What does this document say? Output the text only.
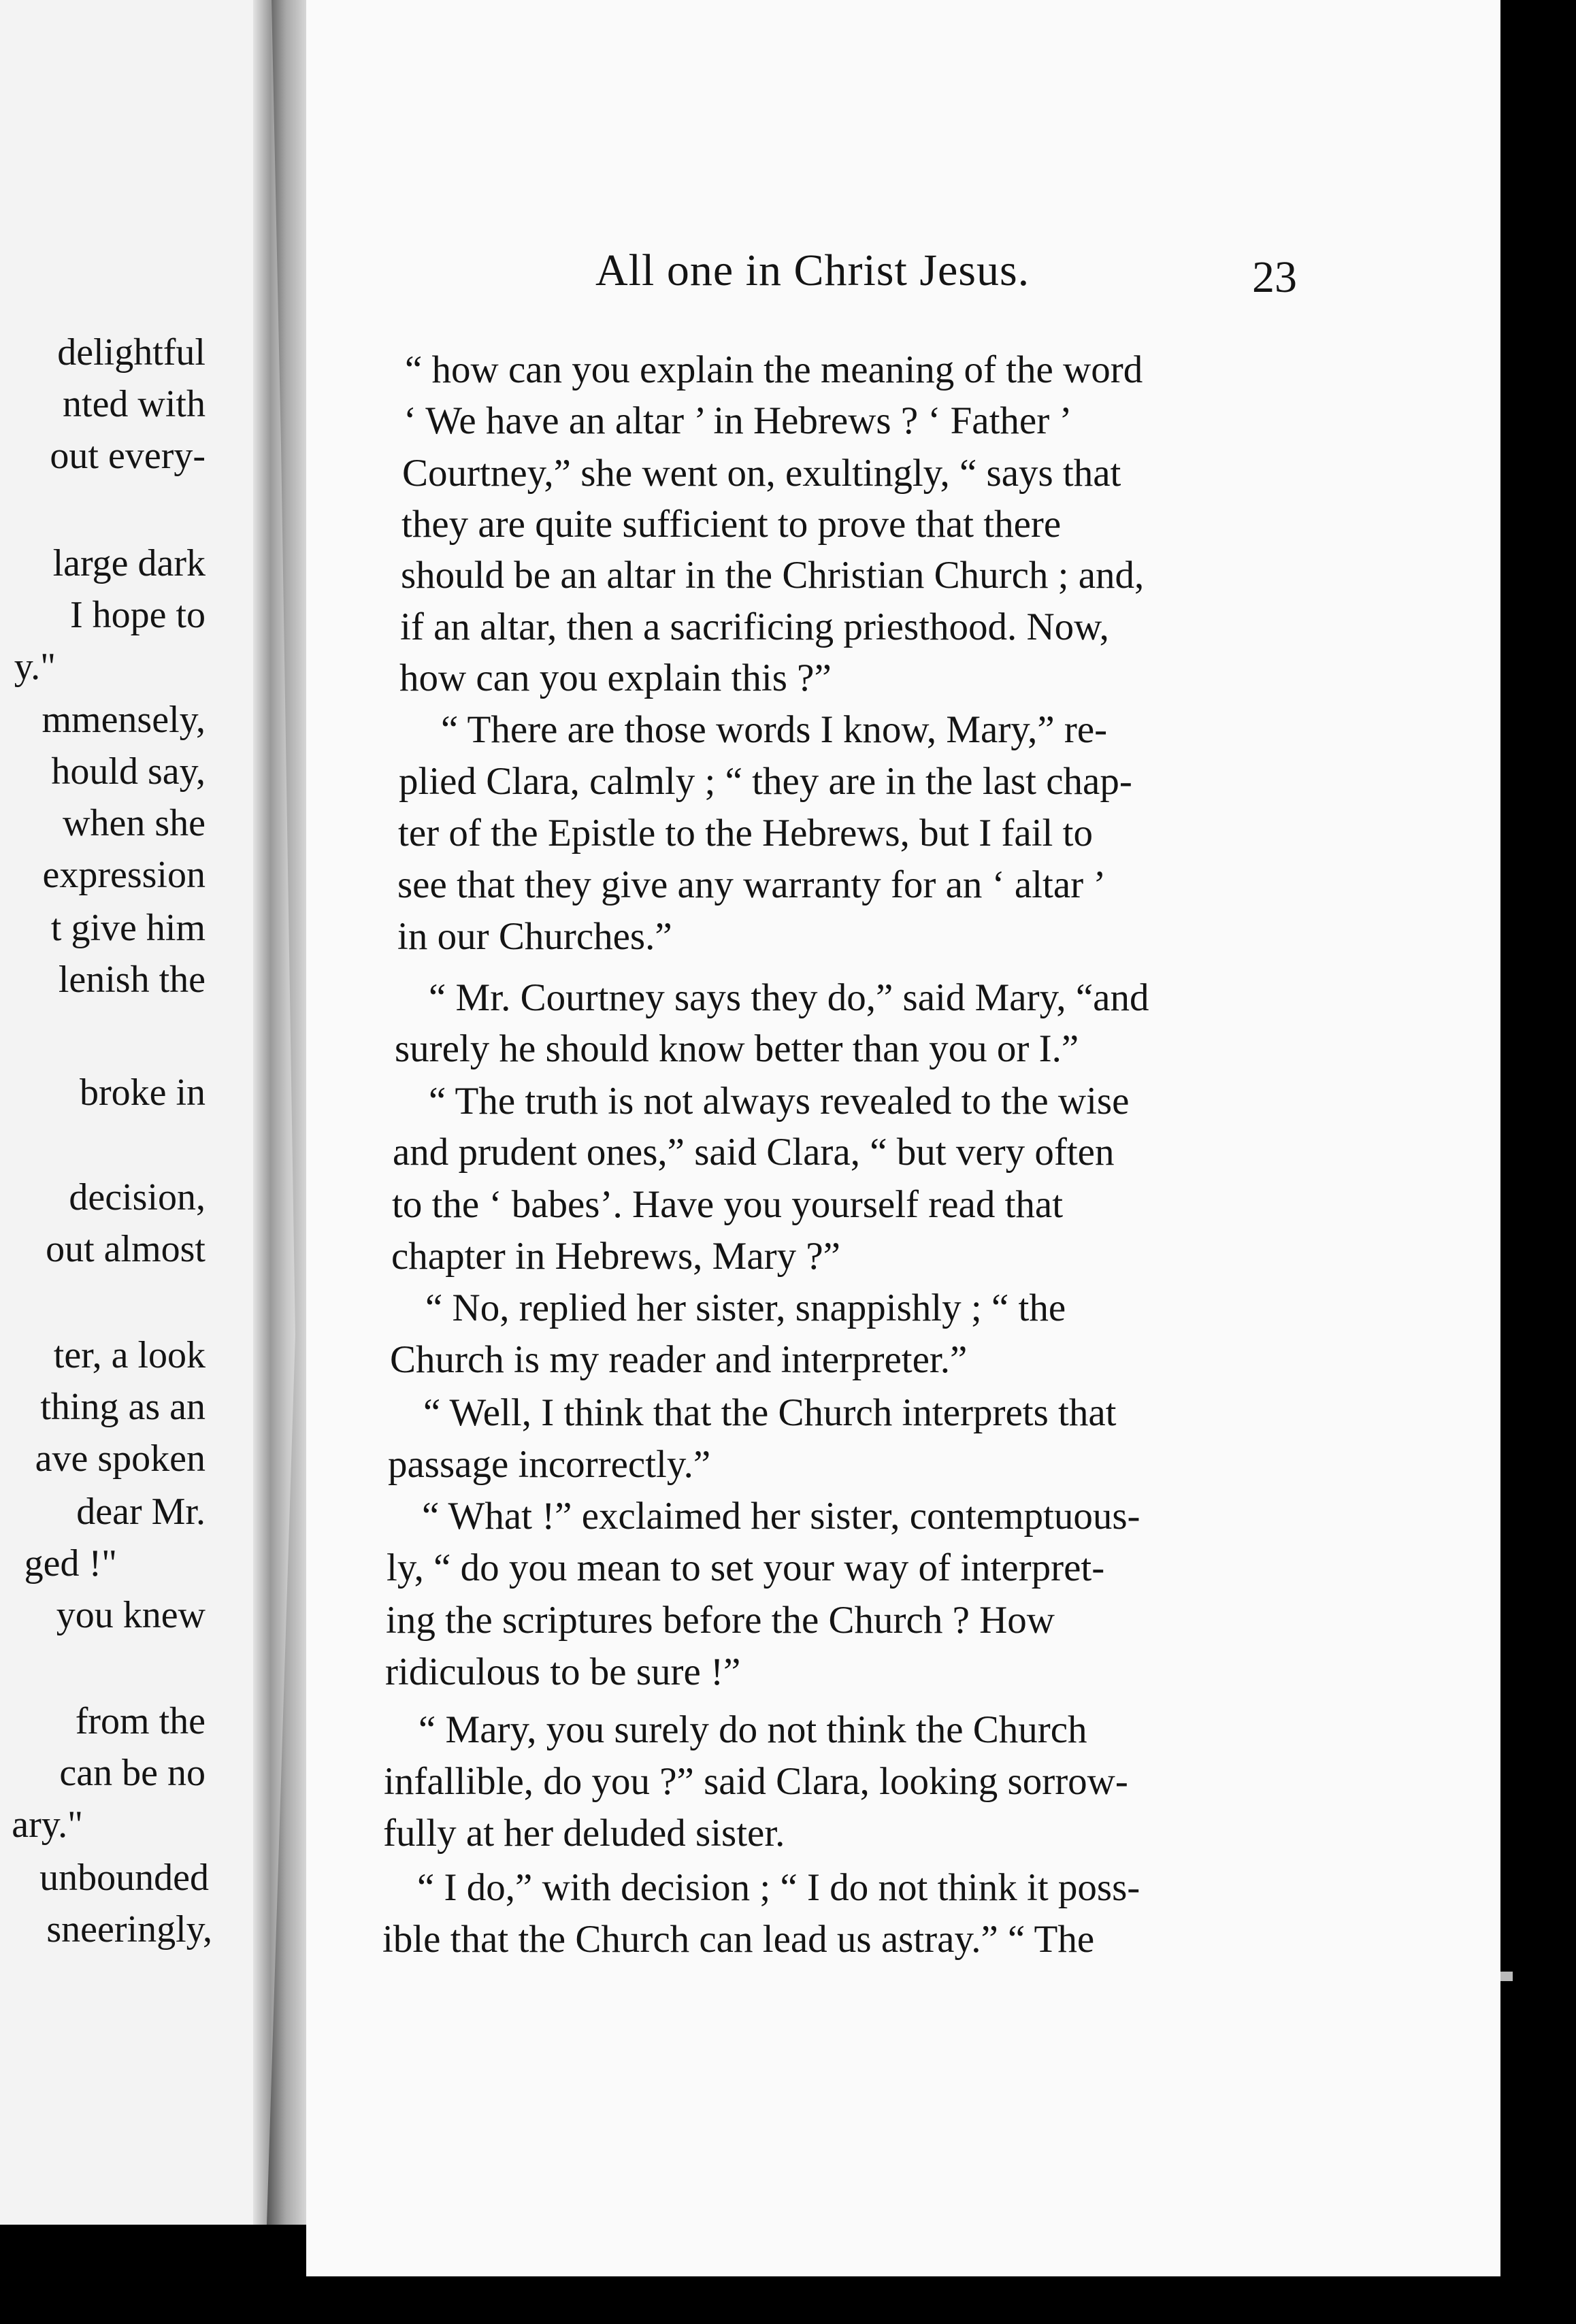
delightful
nted with
out every-
large dark
I hope to
y."
mmensely,
hould say,
when she
expression
t give him
lenish the
broke in
decision,
out almost
ter, a look
thing as an
ave spoken
dear Mr.
ged !"
you knew
from the
can be no
ary."
unbounded
sneeringly,
All one in Christ Jesus.	23
“ how can you explain the meaning of the word
‘ We have an altar ’ in Hebrews ? ‘ Father ’
Courtney,” she went on, exultingly, “ says that
they are quite sufficient to prove that there
should be an altar in the Christian Church ; and,
if an altar, then a sacrificing priesthood. Now,
how can you explain this ?”
“ There are those words I know, Mary,” re-
plied Clara, calmly ; “ they are in the last chap-
ter of the Epistle to the Hebrews, but I fail to
see that they give any warranty for an ‘ altar ’
in our Churches.”
“ Mr. Courtney says they do,” said Mary, “and
surely he should know better than you or I.”
“ The truth is not always revealed to the wise
and prudent ones,” said Clara, “ but very often
to the ‘ babes’. Have you yourself read that
chapter in Hebrews, Mary ?”
“ No, replied her sister, snappishly ; “ the
Church is my reader and interpreter.”
“ Well, I think that the Church interprets that
passage incorrectly.”
“ What !” exclaimed her sister, contemptuous-
ly, “ do you mean to set your way of interpret-
ing the scriptures before the Church ? How
ridiculous to be sure !”
“ Mary, you surely do not think the Church
infallible, do you ?” said Clara, looking sorrow-
fully at her deluded sister.
“ I do,” with decision ; “ I do not think it poss-
ible that the Church can lead us astray.” “ The
